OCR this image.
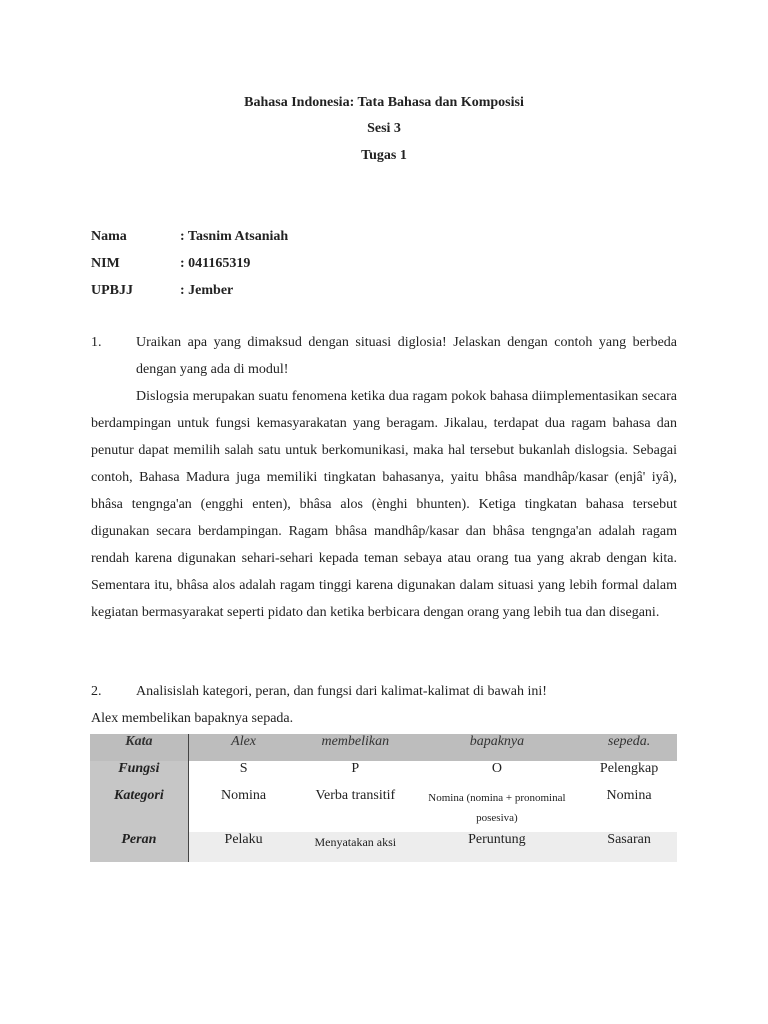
Bahasa Indonesia: Tata Bahasa dan Komposisi
Sesi 3
Tugas 1
Nama	: Tasnim Atsaniah
NIM	: 041165319
UPBJJ	: Jember
1. Uraikan apa yang dimaksud dengan situasi diglosia! Jelaskan dengan contoh yang berbeda dengan yang ada di modul!
Dislogsia merupakan suatu fenomena ketika dua ragam pokok bahasa diimplementasikan secara berdampingan untuk fungsi kemasyarakatan yang beragam. Jikalau, terdapat dua ragam bahasa dan penutur dapat memilih salah satu untuk berkomunikasi, maka hal tersebut bukanlah dislogsia. Sebagai contoh, Bahasa Madura juga memiliki tingkatan bahasanya, yaitu bhâsa mandhâp/kasar (enjâ' iyâ), bhâsa tengnga'an (engghi enten), bhâsa alos (ènghi bhunten). Ketiga tingkatan bahasa tersebut digunakan secara berdampingan. Ragam bhâsa mandhâp/kasar dan bhâsa tengnga'an adalah ragam rendah karena digunakan sehari-sehari kepada teman sebaya atau orang tua yang akrab dengan kita. Sementara itu, bhâsa alos adalah ragam tinggi karena digunakan dalam situasi yang lebih formal dalam kegiatan bermasyarakat seperti pidato dan ketika berbicara dengan orang yang lebih tua dan disegani.
2. Analisislah kategori, peran, dan fungsi dari kalimat-kalimat di bawah ini!
Alex membelikan bapaknya sepada.
Kata	Alex	membelikan	bapaknya	sepeda.
Fungsi	S	P	O	Pelengkap
Kategori	Nomina	Verba transitif	Nomina (nomina + pronominal posesiva)	Nomina
Peran	Pelaku	Menyatakan aksi	Peruntung	Sasaran
